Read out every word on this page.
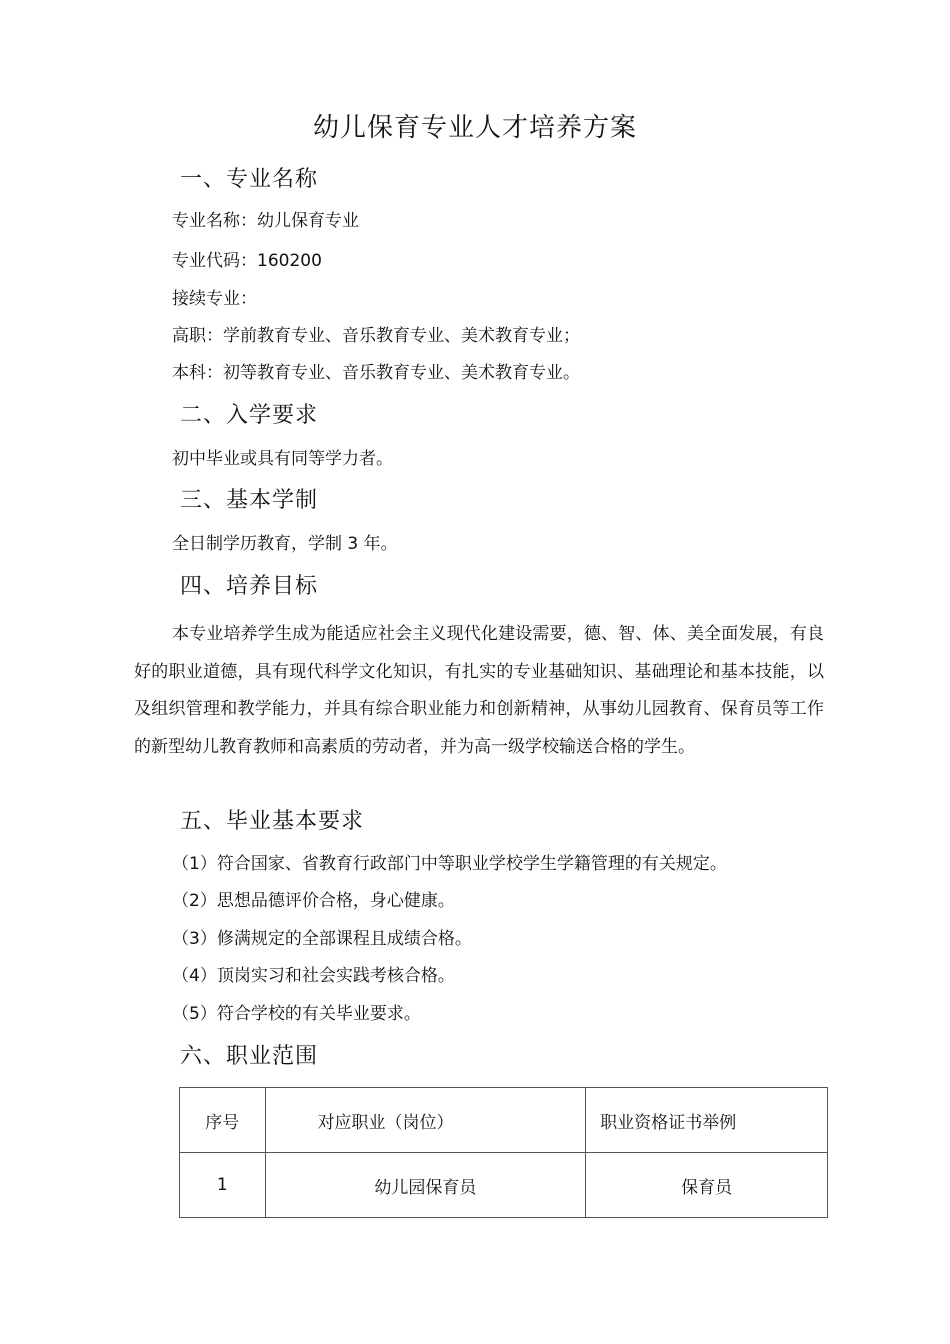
幼儿保育专业人才培养方案
一、专业名称
专业名称：幼儿保育专业
专业代码：160200
接续专业：
高职：学前教育专业、音乐教育专业、美术教育专业；
本科：初等教育专业、音乐教育专业、美术教育专业。
二、入学要求
初中毕业或具有同等学力者。
三、基本学制
全日制学历教育，学制 3 年。
四、培养目标
本专业培养学生成为能适应社会主义现代化建设需要，德、智、体、美全面发展，有良好的职业道德，具有现代科学文化知识，有扎实的专业基础知识、基础理论和基本技能，以及组织管理和教学能力，并具有综合职业能力和创新精神，从事幼儿园教育、保育员等工作的新型幼儿教育教师和高素质的劳动者，并为高一级学校输送合格的学生。
五、毕业基本要求
（1）符合国家、省教育行政部门中等职业学校学生学籍管理的有关规定。
（2）思想品德评价合格，身心健康。
（3）修满规定的全部课程且成绩合格。
（4）顶岗实习和社会实践考核合格。
（5）符合学校的有关毕业要求。
六、职业范围
序号	对应职业（岗位）	职业资格证书举例
1	幼儿园保育员	保育员
